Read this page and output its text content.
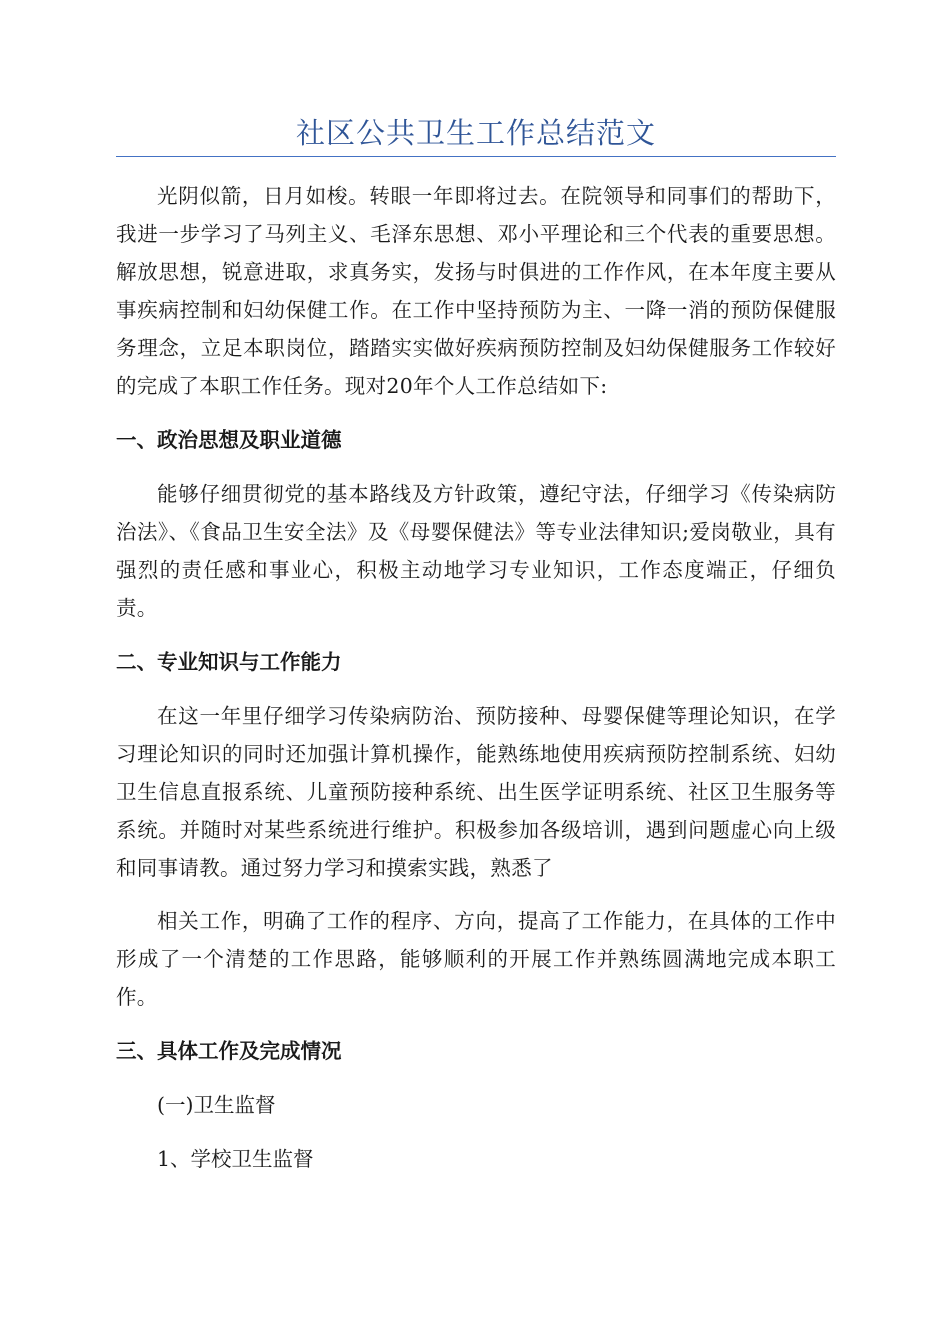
社区公共卫生工作总结范文

光阴似箭，日月如梭。转眼一年即将过去。在院领导和同事们的帮助下，我进一步学习了马列主义、毛泽东思想、邓小平理论和三个代表的重要思想。解放思想，锐意进取，求真务实，发扬与时俱进的工作作风，在本年度主要从事疾病控制和妇幼保健工作。在工作中坚持预防为主、一降一消的预防保健服务理念，立足本职岗位，踏踏实实做好疾病预防控制及妇幼保健服务工作较好的完成了本职工作任务。现对20年个人工作总结如下:

一、政治思想及职业道德

能够仔细贯彻党的基本路线及方针政策，遵纪守法，仔细学习《传染病防治法》、《食品卫生安全法》及《母婴保健法》等专业法律知识;爱岗敬业，具有强烈的责任感和事业心，积极主动地学习专业知识，工作态度端正，仔细负责。

二、专业知识与工作能力

在这一年里仔细学习传染病防治、预防接种、母婴保健等理论知识，在学习理论知识的同时还加强计算机操作，能熟练地使用疾病预防控制系统、妇幼卫生信息直报系统、儿童预防接种系统、出生医学证明系统、社区卫生服务等系统。并随时对某些系统进行维护。积极参加各级培训，遇到问题虚心向上级和同事请教。通过努力学习和摸索实践，熟悉了

相关工作，明确了工作的程序、方向，提高了工作能力，在具体的工作中形成了一个清楚的工作思路，能够顺利的开展工作并熟练圆满地完成本职工作。

三、具体工作及完成情况

(一)卫生监督

1、学校卫生监督
